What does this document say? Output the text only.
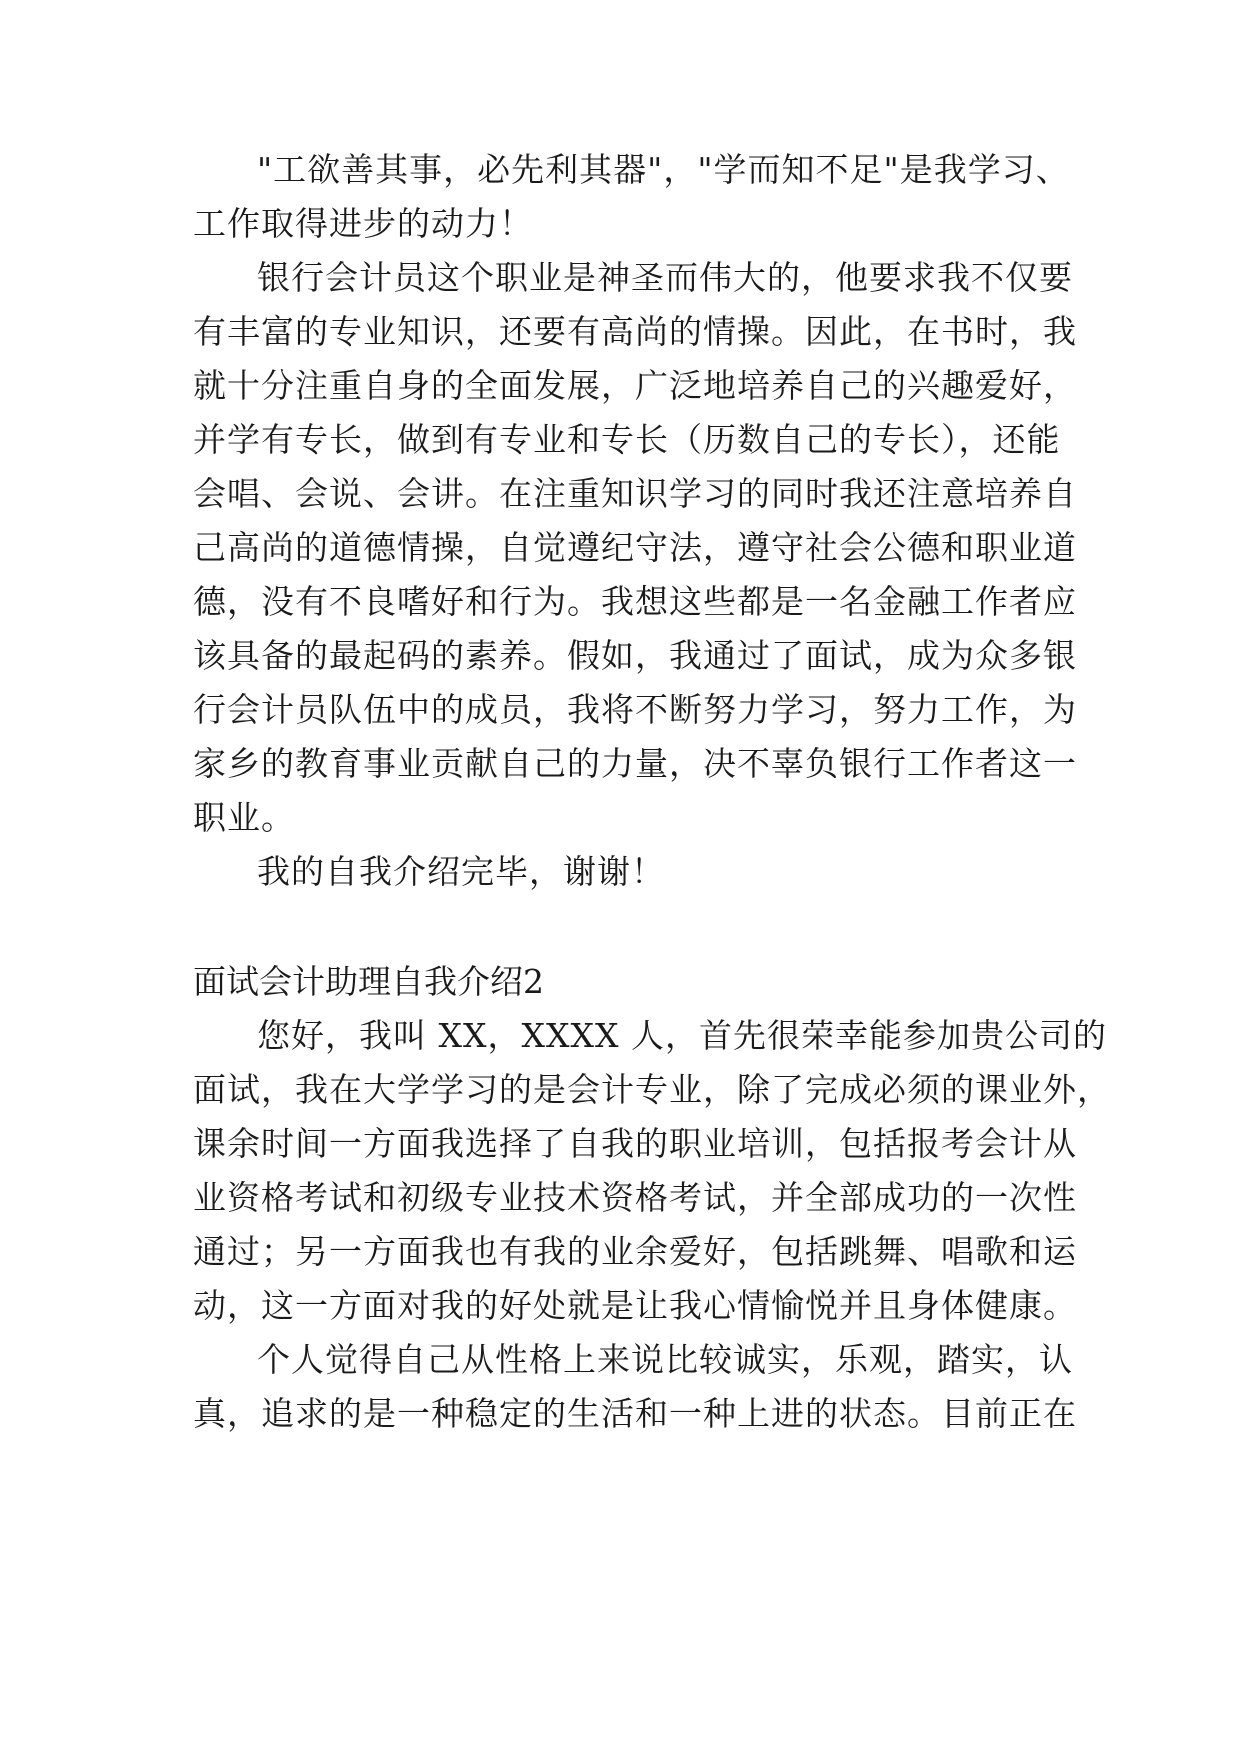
"工欲善其事，必先利其器"，"学而知不足"是我学习、
工作取得进步的动力！
银行会计员这个职业是神圣而伟大的，他要求我不仅要
有丰富的专业知识，还要有高尚的情操。因此，在书时，我
就十分注重自身的全面发展，广泛地培养自己的兴趣爱好，
并学有专长，做到有专业和专长（历数自己的专长），还能
会唱、会说、会讲。在注重知识学习的同时我还注意培养自
己高尚的道德情操，自觉遵纪守法，遵守社会公德和职业道
德，没有不良嗜好和行为。我想这些都是一名金融工作者应
该具备的最起码的素养。假如，我通过了面试，成为众多银
行会计员队伍中的成员，我将不断努力学习，努力工作，为
家乡的教育事业贡献自己的力量，决不辜负银行工作者这一
职业。
我的自我介绍完毕，谢谢！
面试会计助理自我介绍2
您好，我叫 XX，XXXX 人，首先很荣幸能参加贵公司的
面试，我在大学学习的是会计专业，除了完成必须的课业外，
课余时间一方面我选择了自我的职业培训，包括报考会计从
业资格考试和初级专业技术资格考试，并全部成功的一次性
通过；另一方面我也有我的业余爱好，包括跳舞、唱歌和运
动，这一方面对我的好处就是让我心情愉悦并且身体健康。
个人觉得自己从性格上来说比较诚实，乐观，踏实，认
真，追求的是一种稳定的生活和一种上进的状态。目前正在
